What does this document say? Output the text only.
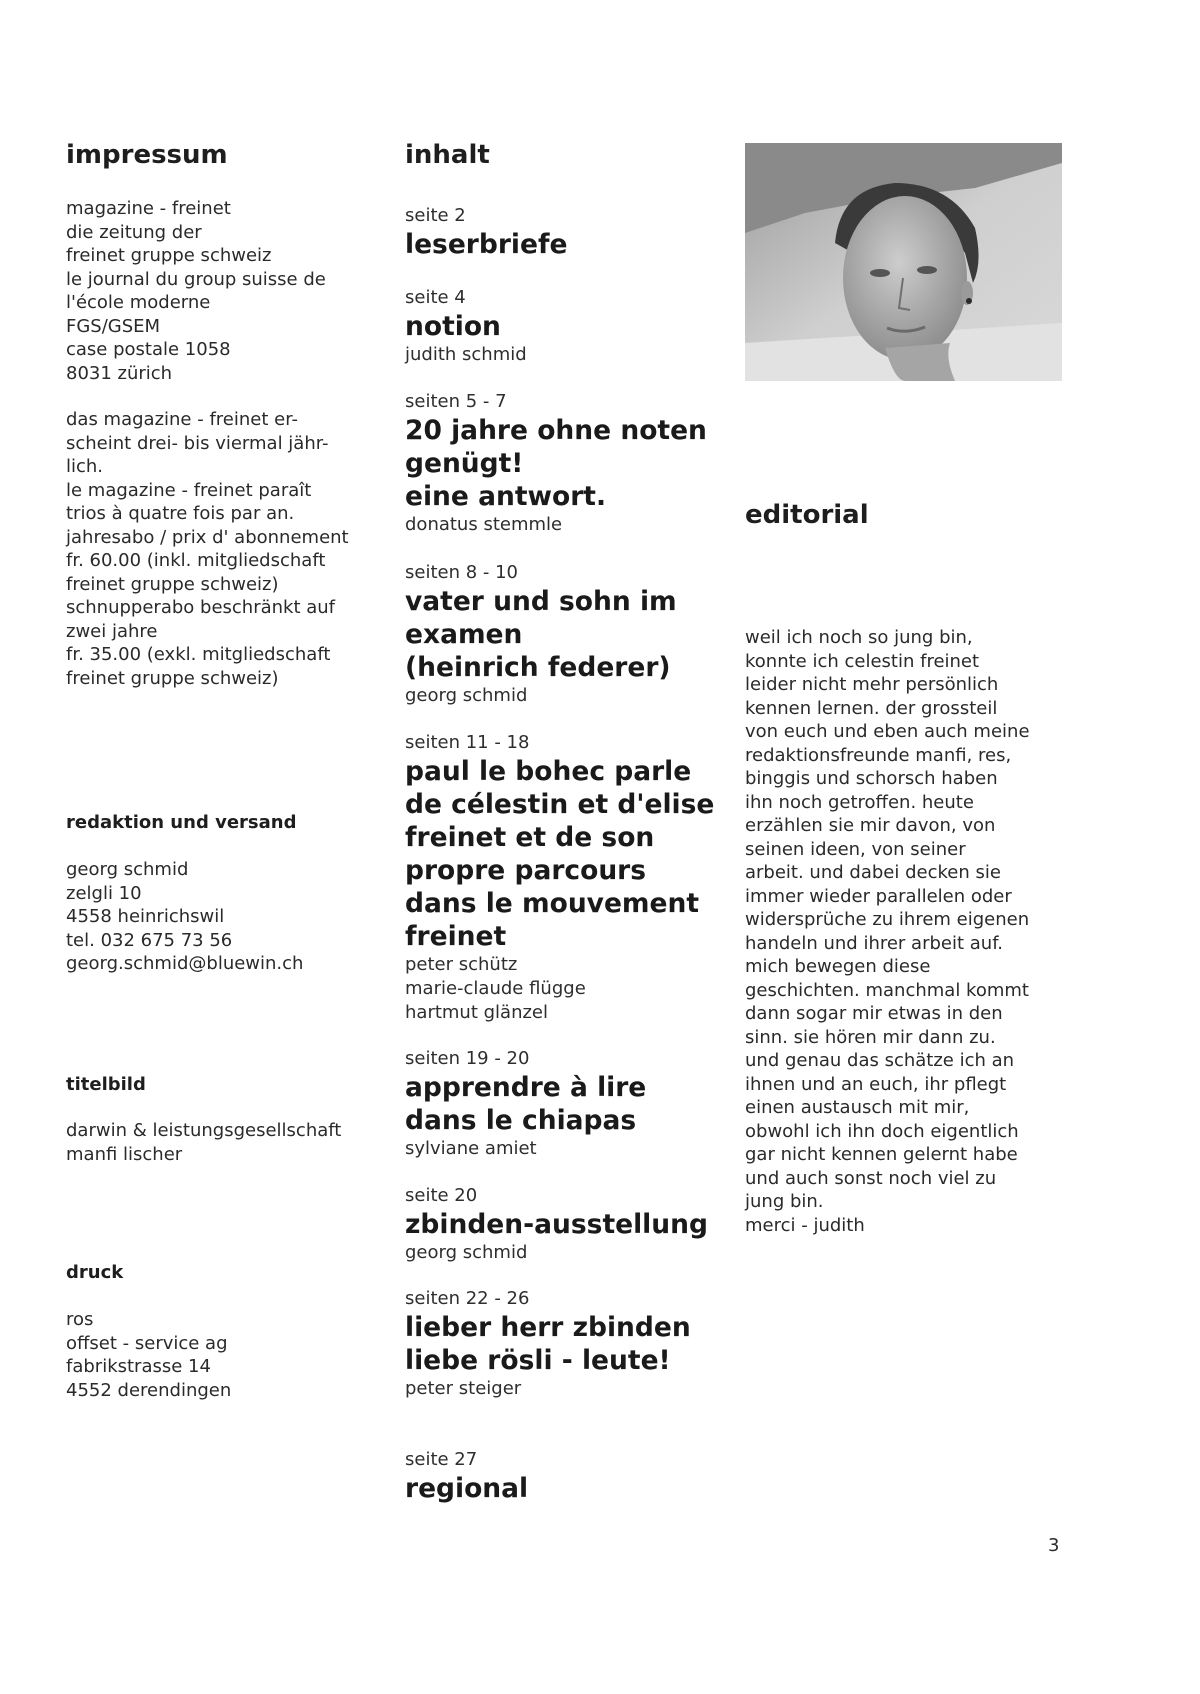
impressum
magazine - freinet
die zeitung der
freinet gruppe schweiz
le journal du group suisse de
l'école moderne
FGS/GSEM
case postale 1058
8031 zürich
das magazine - freinet er-
scheint drei- bis viermal jähr-
lich.
le magazine - freinet paraît
trios à quatre fois par an.
jahresabo / prix d' abonnement
fr. 60.00 (inkl. mitgliedschaft
freinet gruppe schweiz)
schnupperabo beschränkt auf
zwei jahre
fr. 35.00 (exkl. mitgliedschaft
freinet gruppe schweiz)
redaktion und versand
georg schmid
zelgli 10
4558 heinrichswil
tel. 032 675 73 56
georg.schmid@bluewin.ch
titelbild
darwin & leistungsgesellschaft
manfi lischer
druck
ros
offset - service ag
fabrikstrasse 14
4552 derendingen
inhalt
seite 2
leserbriefe
seite 4
notion
judith schmid
seiten 5 - 7
20 jahre ohne noten
genügt!
eine antwort.
donatus stemmle
seiten 8 - 10
vater und sohn im
examen
(heinrich federer)
georg schmid
seiten 11 - 18
paul le bohec parle
de célestin et d'elise
freinet et de son
propre parcours
dans le mouvement
freinet
peter schütz
marie-claude flügge
hartmut glänzel
seiten 19 - 20
apprendre à lire
dans le chiapas
sylviane amiet
seite 20
zbinden-ausstellung
georg schmid
seiten 22 - 26
lieber herr zbinden
liebe rösli - leute!
peter steiger
seite 27
regional
editorial
weil ich noch so jung bin,
konnte ich celestin freinet
leider nicht mehr persönlich
kennen lernen. der grossteil
von euch und eben auch meine
redaktionsfreunde manfi, res,
binggis und schorsch haben
ihn noch getroffen. heute
erzählen sie mir davon, von
seinen ideen, von seiner
arbeit. und dabei decken sie
immer wieder parallelen oder
widersprüche zu ihrem eigenen
handeln und ihrer arbeit auf.
mich bewegen diese
geschichten. manchmal kommt
dann sogar mir etwas in den
sinn. sie hören mir dann zu.
und genau das schätze ich an
ihnen und an euch, ihr pflegt
einen austausch mit mir,
obwohl ich ihn doch eigentlich
gar nicht kennen gelernt habe
und auch sonst noch viel zu
jung bin.
merci - judith
3
